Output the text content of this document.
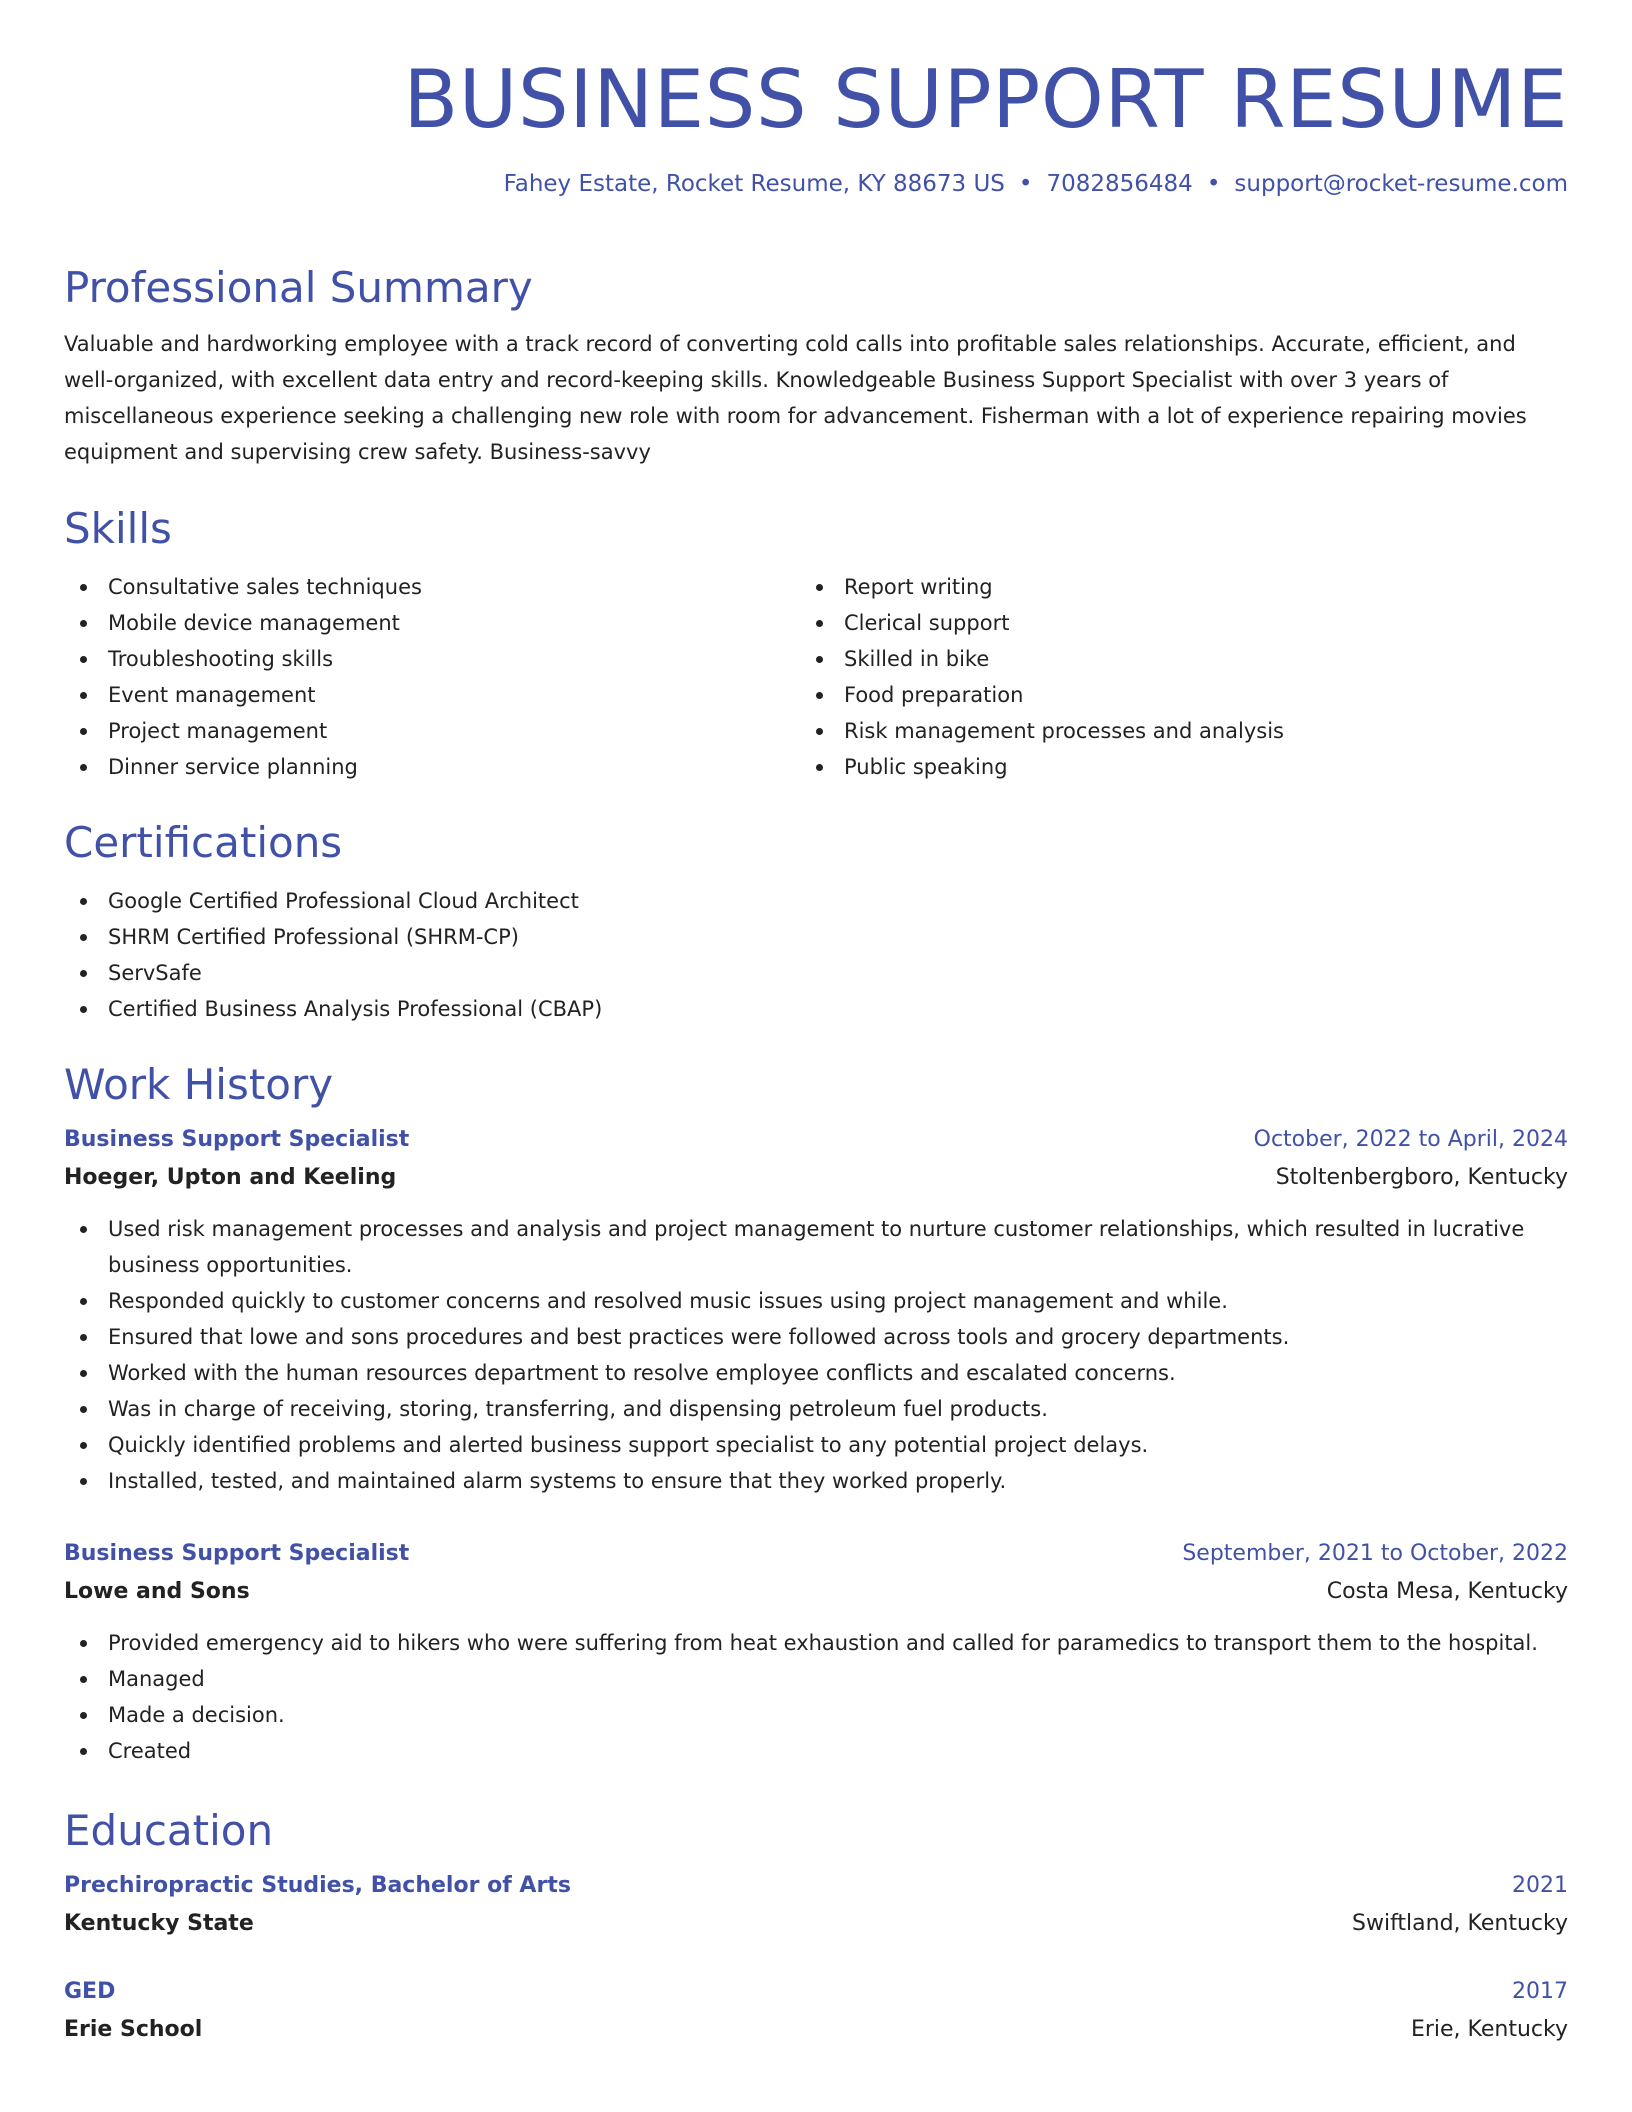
BUSINESS SUPPORT RESUME
Fahey Estate, Rocket Resume, KY 88673 US • 7082856484 • support@rocket-resume.com
Professional Summary

Valuable and hardworking employee with a track record of converting cold calls into profitable sales relationships. Accurate, efficient, and well-organized, with excellent data entry and record-keeping skills. Knowledgeable Business Support Specialist with over 3 years of miscellaneous experience seeking a challenging new role with room for advancement. Fisherman with a lot of experience repairing movies equipment and supervising crew safety. Business-savvy

Skills
Consultative sales techniques
Mobile device management
Troubleshooting skills
Event management
Project management
Dinner service planning
Report writing
Clerical support
Skilled in bike
Food preparation
Risk management processes and analysis
Public speaking
Certifications
Google Certified Professional Cloud Architect
SHRM Certified Professional (SHRM-CP)
ServSafe
Certified Business Analysis Professional (CBAP)
Work History
Business Support Specialist	October, 2022 to April, 2024
Hoeger, Upton and Keeling	Stoltenbergboro, Kentucky
Used risk management processes and analysis and project management to nurture customer relationships, which resulted in lucrative business opportunities.
Responded quickly to customer concerns and resolved music issues using project management and while.
Ensured that lowe and sons procedures and best practices were followed across tools and grocery departments.
Worked with the human resources department to resolve employee conflicts and escalated concerns.
Was in charge of receiving, storing, transferring, and dispensing petroleum fuel products.
Quickly identified problems and alerted business support specialist to any potential project delays.
Installed, tested, and maintained alarm systems to ensure that they worked properly.
Business Support Specialist	September, 2021 to October, 2022
Lowe and Sons	Costa Mesa, Kentucky
Provided emergency aid to hikers who were suffering from heat exhaustion and called for paramedics to transport them to the hospital.
Managed
Made a decision.
Created
Education
Prechiropractic Studies, Bachelor of Arts	2021
Kentucky State	Swiftland, Kentucky
GED	2017
Erie School	Erie, Kentucky
